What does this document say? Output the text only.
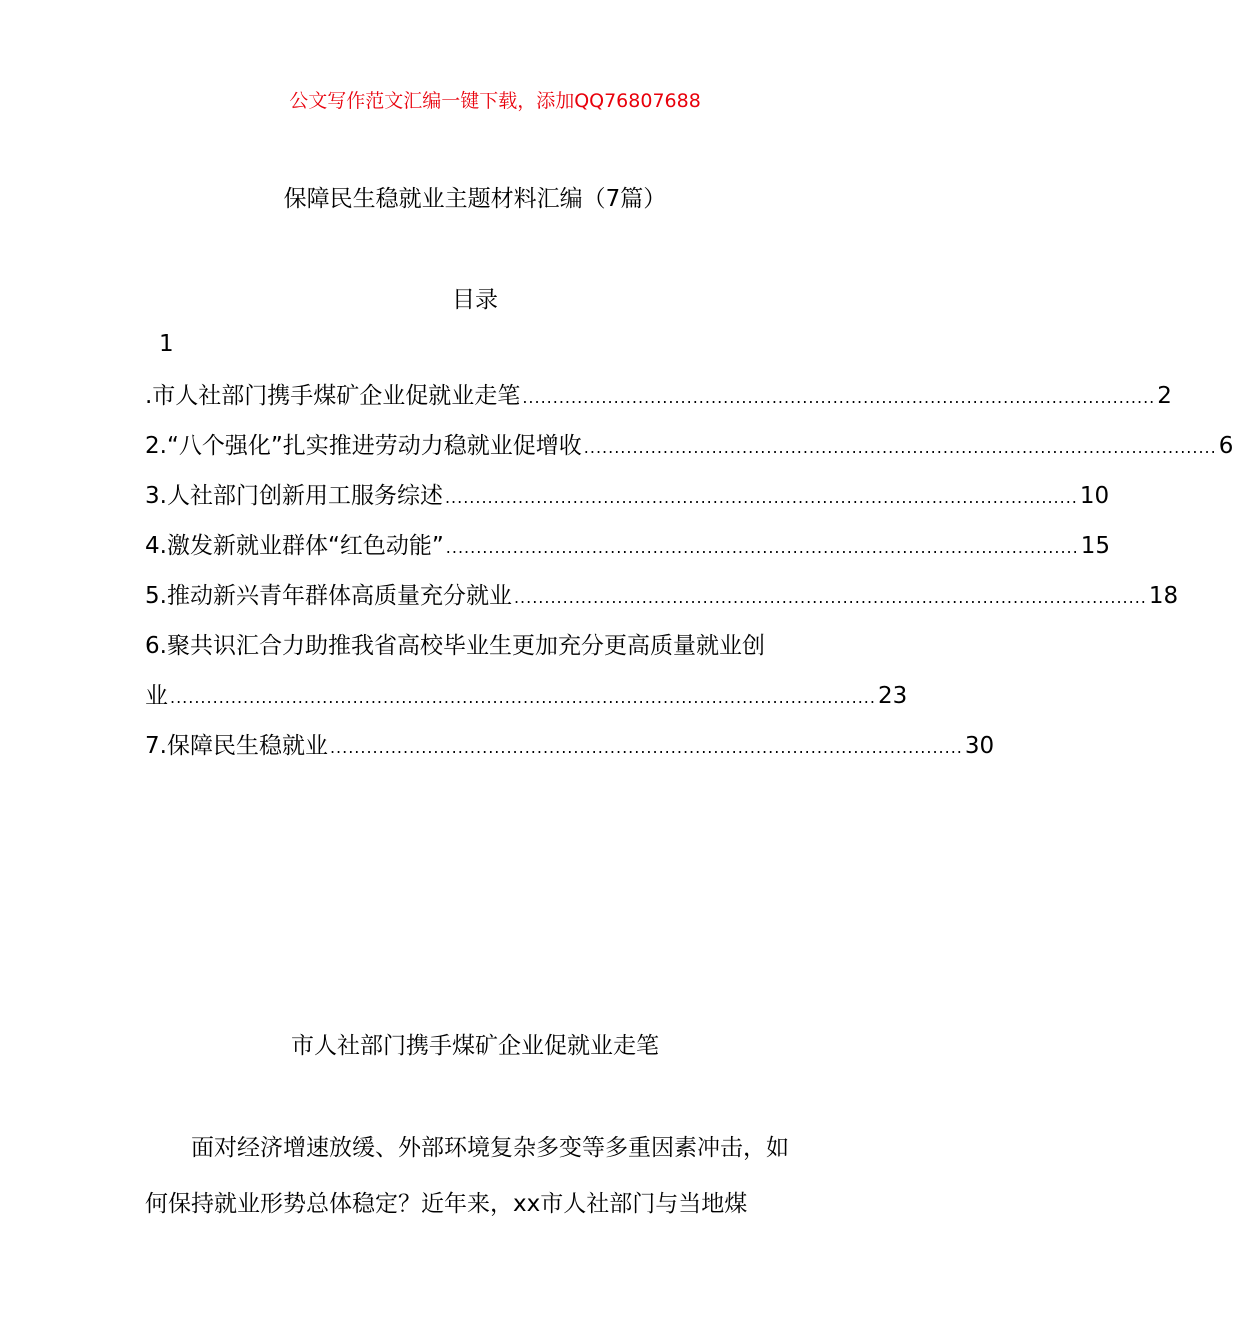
公文写作范文汇编一键下载，添加QQ76807688
保障民生稳就业主题材料汇编（7篇）
目录
1
.市人社部门携手煤矿企业促就业走笔 ........................................................................................................ 2
2.“八个强化”扎实推进劳动力稳就业促增收 ........................................................................................................ 6
3.人社部门创新用工服务综述 ........................................................................................................ 10
4.激发新就业群体“红色动能” ........................................................................................................ 15
5.推动新兴青年群体高质量充分就业 ........................................................................................................ 18
6.聚共识汇合力助推我省高校毕业生更加充分更高质量就业创
业 .................................................................................................................... 23
7.保障民生稳就业 ........................................................................................................ 30
市人社部门携手煤矿企业促就业走笔
面对经济增速放缓、外部环境复杂多变等多重因素冲击，如何保持就业形势总体稳定？近年来，xx市人社部门与当地煤
